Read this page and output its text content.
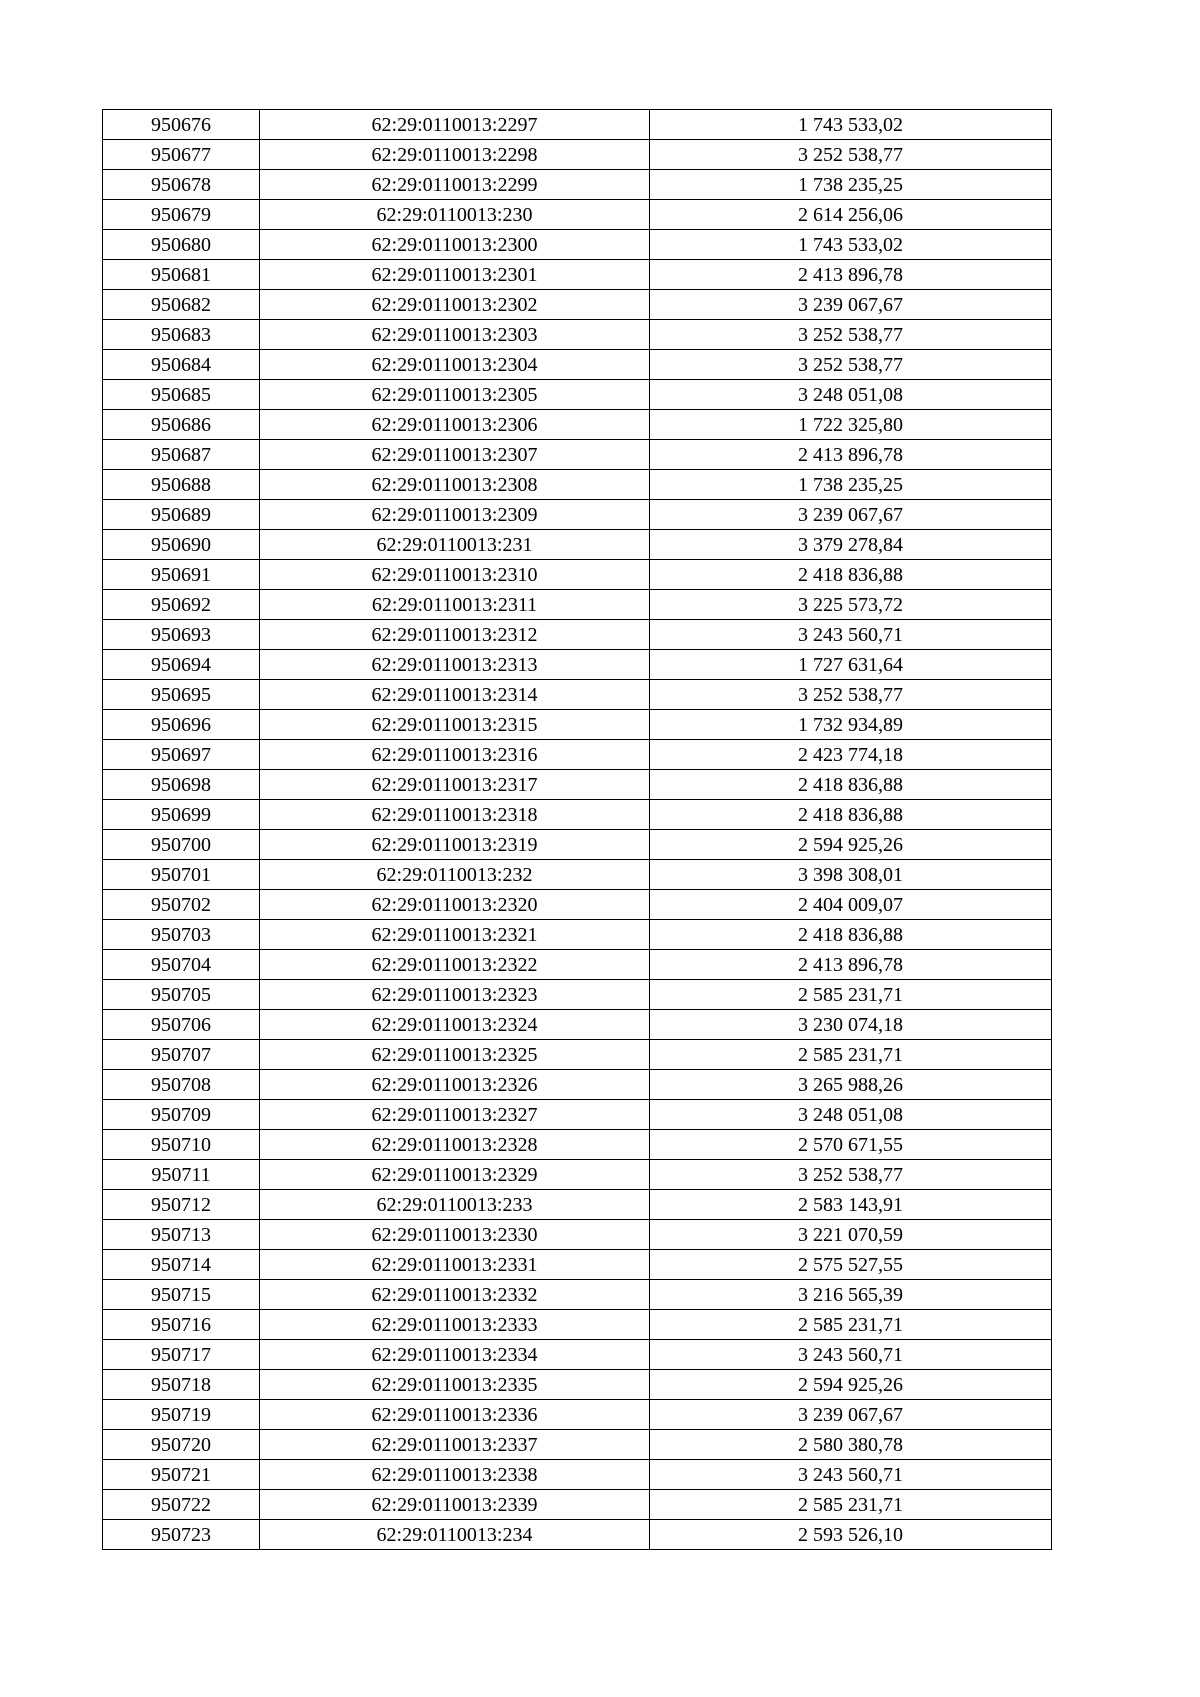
950676	62:29:0110013:2297	1 743 533,02
950677	62:29:0110013:2298	3 252 538,77
950678	62:29:0110013:2299	1 738 235,25
950679	62:29:0110013:230	2 614 256,06
950680	62:29:0110013:2300	1 743 533,02
950681	62:29:0110013:2301	2 413 896,78
950682	62:29:0110013:2302	3 239 067,67
950683	62:29:0110013:2303	3 252 538,77
950684	62:29:0110013:2304	3 252 538,77
950685	62:29:0110013:2305	3 248 051,08
950686	62:29:0110013:2306	1 722 325,80
950687	62:29:0110013:2307	2 413 896,78
950688	62:29:0110013:2308	1 738 235,25
950689	62:29:0110013:2309	3 239 067,67
950690	62:29:0110013:231	3 379 278,84
950691	62:29:0110013:2310	2 418 836,88
950692	62:29:0110013:2311	3 225 573,72
950693	62:29:0110013:2312	3 243 560,71
950694	62:29:0110013:2313	1 727 631,64
950695	62:29:0110013:2314	3 252 538,77
950696	62:29:0110013:2315	1 732 934,89
950697	62:29:0110013:2316	2 423 774,18
950698	62:29:0110013:2317	2 418 836,88
950699	62:29:0110013:2318	2 418 836,88
950700	62:29:0110013:2319	2 594 925,26
950701	62:29:0110013:232	3 398 308,01
950702	62:29:0110013:2320	2 404 009,07
950703	62:29:0110013:2321	2 418 836,88
950704	62:29:0110013:2322	2 413 896,78
950705	62:29:0110013:2323	2 585 231,71
950706	62:29:0110013:2324	3 230 074,18
950707	62:29:0110013:2325	2 585 231,71
950708	62:29:0110013:2326	3 265 988,26
950709	62:29:0110013:2327	3 248 051,08
950710	62:29:0110013:2328	2 570 671,55
950711	62:29:0110013:2329	3 252 538,77
950712	62:29:0110013:233	2 583 143,91
950713	62:29:0110013:2330	3 221 070,59
950714	62:29:0110013:2331	2 575 527,55
950715	62:29:0110013:2332	3 216 565,39
950716	62:29:0110013:2333	2 585 231,71
950717	62:29:0110013:2334	3 243 560,71
950718	62:29:0110013:2335	2 594 925,26
950719	62:29:0110013:2336	3 239 067,67
950720	62:29:0110013:2337	2 580 380,78
950721	62:29:0110013:2338	3 243 560,71
950722	62:29:0110013:2339	2 585 231,71
950723	62:29:0110013:234	2 593 526,10
